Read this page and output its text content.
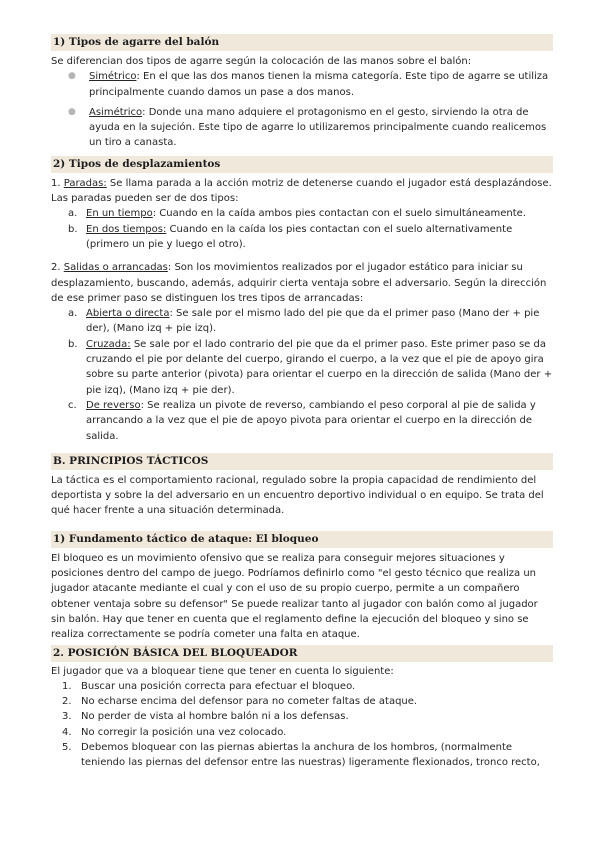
1) Tipos de agarre del balón

Se diferencian dos tipos de agarre según la colocación de las manos sobre el balón:

● Simétrico: En el que las dos manos tienen la misma categoría. Este tipo de agarre se utiliza principalmente cuando damos un pase a dos manos.
● Asimétrico: Donde una mano adquiere el protagonismo en el gesto, sirviendo la otra de ayuda en la sujeción. Este tipo de agarre lo utilizaremos principalmente cuando realicemos un tiro a canasta.
2) Tipos de desplazamientos

1. Paradas: Se llama parada a la acción motriz de detenerse cuando el jugador está desplazándose. Las paradas pueden ser de dos tipos:

a. En un tiempo: Cuando en la caída ambos pies contactan con el suelo simultáneamente.
b. En dos tiempos: Cuando en la caída los pies contactan con el suelo alternativamente (primero un pie y luego el otro).

2. Salidas o arrancadas: Son los movimientos realizados por el jugador estático para iniciar su desplazamiento, buscando, además, adquirir cierta ventaja sobre el adversario. Según la dirección de ese primer paso se distinguen los tres tipos de arrancadas:

a. Abierta o directa: Se sale por el mismo lado del pie que da el primer paso (Mano der + pie der), (Mano izq + pie izq).
b. Cruzada: Se sale por el lado contrario del pie que da el primer paso. Este primer paso se da cruzando el pie por delante del cuerpo, girando el cuerpo, a la vez que el pie de apoyo gira sobre su parte anterior (pivota) para orientar el cuerpo en la dirección de salida (Mano der + pie izq), (Mano izq + pie der).
c. De reverso: Se realiza un pivote de reverso, cambiando el peso corporal al pie de salida y arrancando a la vez que el pie de apoyo pivota para orientar el cuerpo en la dirección de salida.
B. PRINCIPIOS TÁCTICOS

La táctica es el comportamiento racional, regulado sobre la propia capacidad de rendimiento del deportista y sobre la del adversario en un encuentro deportivo individual o en equipo. Se trata del qué hacer frente a una situación determinada.

1) Fundamento táctico de ataque: El bloqueo

El bloqueo es un movimiento ofensivo que se realiza para conseguir mejores situaciones y posiciones dentro del campo de juego. Podríamos definirlo como "el gesto técnico que realiza un jugador atacante mediante el cual y con el uso de su propio cuerpo, permite a un compañero obtener ventaja sobre su defensor" Se puede realizar tanto al jugador con balón como al jugador sin balón. Hay que tener en cuenta que el reglamento define la ejecución del bloqueo y sino se realiza correctamente se podría cometer una falta en ataque.

2. POSICIÓN BÁSICA DEL BLOQUEADOR

El jugador que va a bloquear tiene que tener en cuenta lo siguiente:

1. Buscar una posición correcta para efectuar el bloqueo.
2. No echarse encima del defensor para no cometer faltas de ataque.
3. No perder de vista al hombre balón ni a los defensas.
4. No corregir la posición una vez colocado.
5. Debemos bloquear con las piernas abiertas la anchura de los hombros, (normalmente teniendo las piernas del defensor entre las nuestras) ligeramente flexionados, tronco recto,
